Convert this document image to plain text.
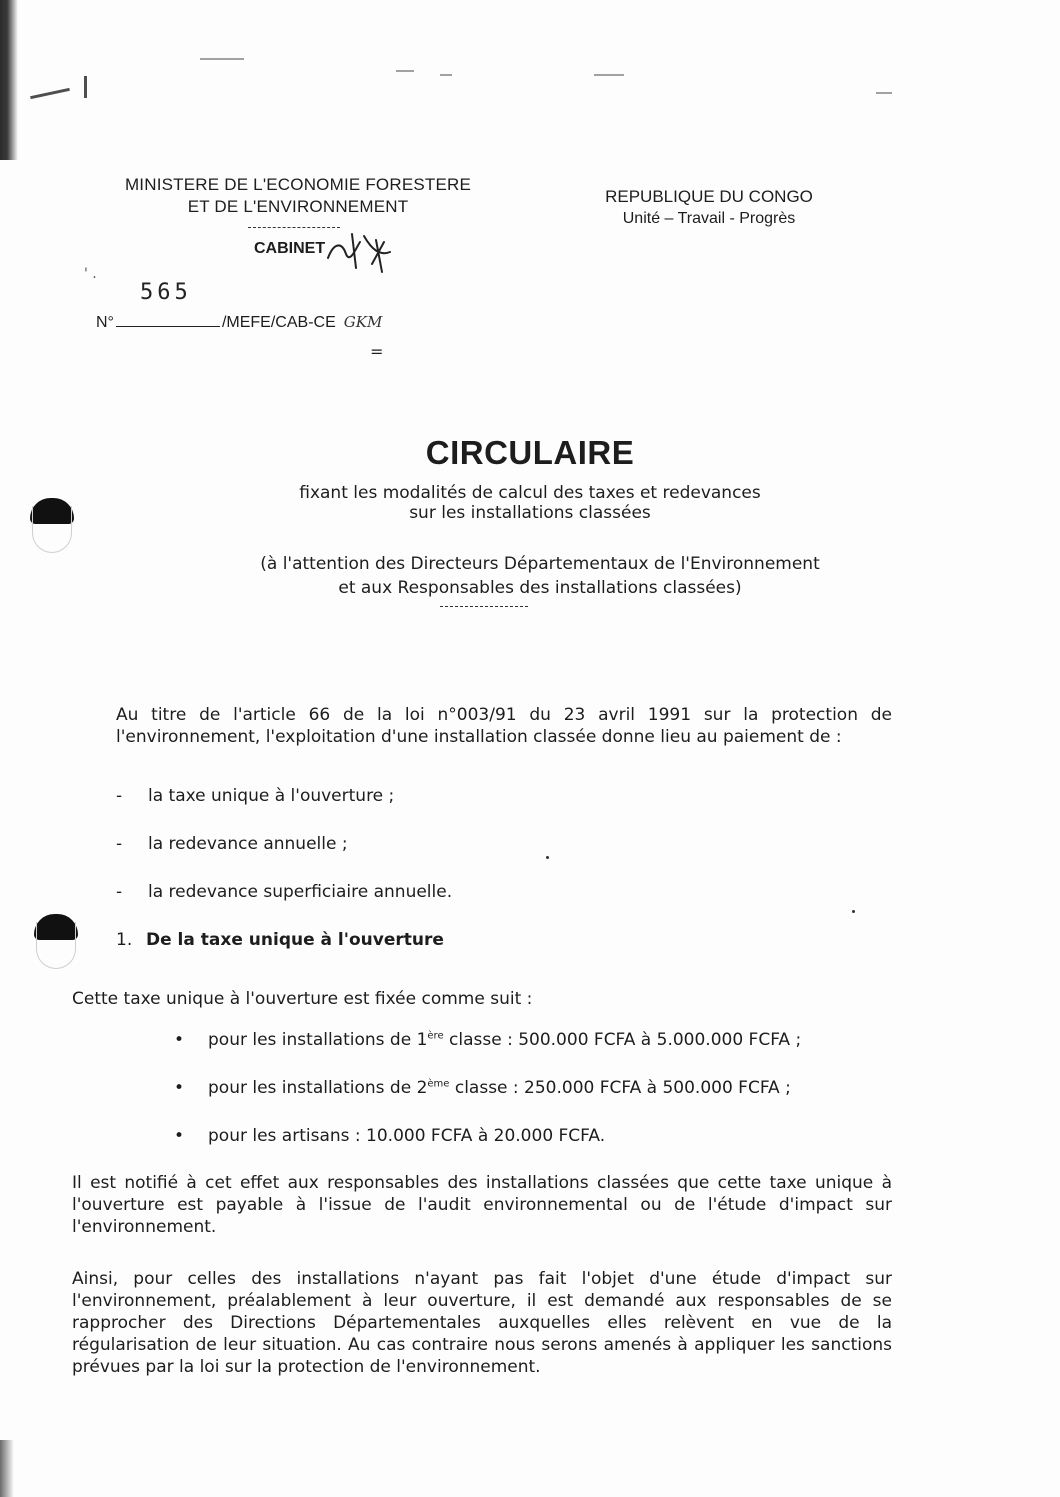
MINISTERE DE L'ECONOMIE FORESTERE
ET DE L'ENVIRONNEMENT
CABINET
REPUBLIQUE DU CONGO
Unité – Travail - Progrès
' .
565
N°	/MEFE/CAB-CE GKM
=
CIRCULAIRE
fixant les modalités de calcul des taxes et redevances
sur les installations classées
(à l'attention des Directeurs Départementaux de l'Environnement
et aux Responsables des installations classées)
Au titre de l'article 66 de la loi n°003/91 du 23 avril 1991 sur la protection de l'environnement, l'exploitation d'une installation classée donne lieu au paiement de :
- la taxe unique à l'ouverture ;
- la redevance annuelle ;
- la redevance superficiaire annuelle.
1. De la taxe unique à l'ouverture
Cette taxe unique à l'ouverture est fixée comme suit :
• pour les installations de 1ère classe : 500.000 FCFA à 5.000.000 FCFA ;
• pour les installations de 2ème classe : 250.000 FCFA à 500.000 FCFA ;
• pour les artisans : 10.000 FCFA à 20.000 FCFA.
Il est notifié à cet effet aux responsables des installations classées que cette taxe unique à l'ouverture est payable à l'issue de l'audit environnemental ou de l'étude d'impact sur l'environnement.
Ainsi, pour celles des installations n'ayant pas fait l'objet d'une étude d'impact sur l'environnement, préalablement à leur ouverture, il est demandé aux responsables de se rapprocher des Directions Départementales auxquelles elles relèvent en vue de la régularisation de leur situation. Au cas contraire nous serons amenés à appliquer les sanctions prévues par la loi sur la protection de l'environnement.
